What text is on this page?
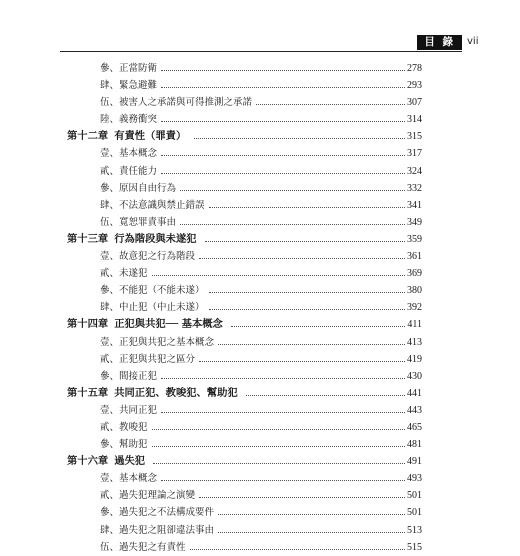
目 錄	vii
參、正當防衛	278
肆、緊急避難	293
伍、被害人之承諾與可得推測之承諾	307
陸、義務衝突	314
第十二章 有責性（罪責）	315
壹、基本概念	317
貳、責任能力	324
參、原因自由行為	332
肆、不法意識與禁止錯誤	341
伍、寬恕罪責事由	349
第十三章 行為階段與未遂犯	359
壹、故意犯之行為階段	361
貳、未遂犯	369
參、不能犯（不能未遂）	380
肆、中止犯（中止未遂）	392
第十四章 正犯與共犯── 基本概念	411
壹、正犯與共犯之基本概念	413
貳、正犯與共犯之區分	419
參、間接正犯	430
第十五章 共同正犯、教唆犯、幫助犯	441
壹、共同正犯	443
貳、教唆犯	465
參、幫助犯	481
第十六章 過失犯	491
壹、基本概念	493
貳、過失犯理論之演變	501
參、過失犯之不法構成要件	501
肆、過失犯之阻卻違法事由	513
伍、過失犯之有責性	515
